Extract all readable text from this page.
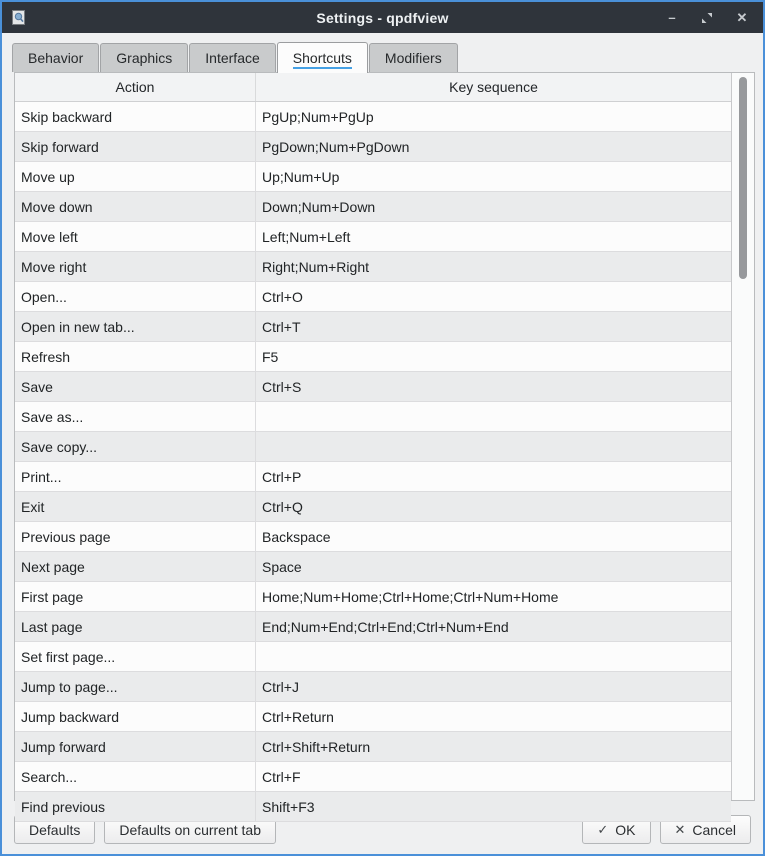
Settings - qpdfview	–	✕
Behavior Graphics Interface Shortcuts Modifiers
Action	Key sequence
Skip backward	PgUp;Num+PgUp
Skip forward	PgDown;Num+PgDown
Move up	Up;Num+Up
Move down	Down;Num+Down
Move left	Left;Num+Left
Move right	Right;Num+Right
Open...	Ctrl+O
Open in new tab...	Ctrl+T
Refresh	F5
Save	Ctrl+S
Save as...
Save copy...
Print...	Ctrl+P
Exit	Ctrl+Q
Previous page	Backspace
Next page	Space
First page	Home;Num+Home;Ctrl+Home;Ctrl+Num+Home
Last page	End;Num+End;Ctrl+End;Ctrl+Num+End
Set first page...
Jump to page...	Ctrl+J
Jump backward	Ctrl+Return
Jump forward	Ctrl+Shift+Return
Search...	Ctrl+F
Find previous	Shift+F3
Defaults	Defaults on current tab	✓ OK	✕ Cancel
